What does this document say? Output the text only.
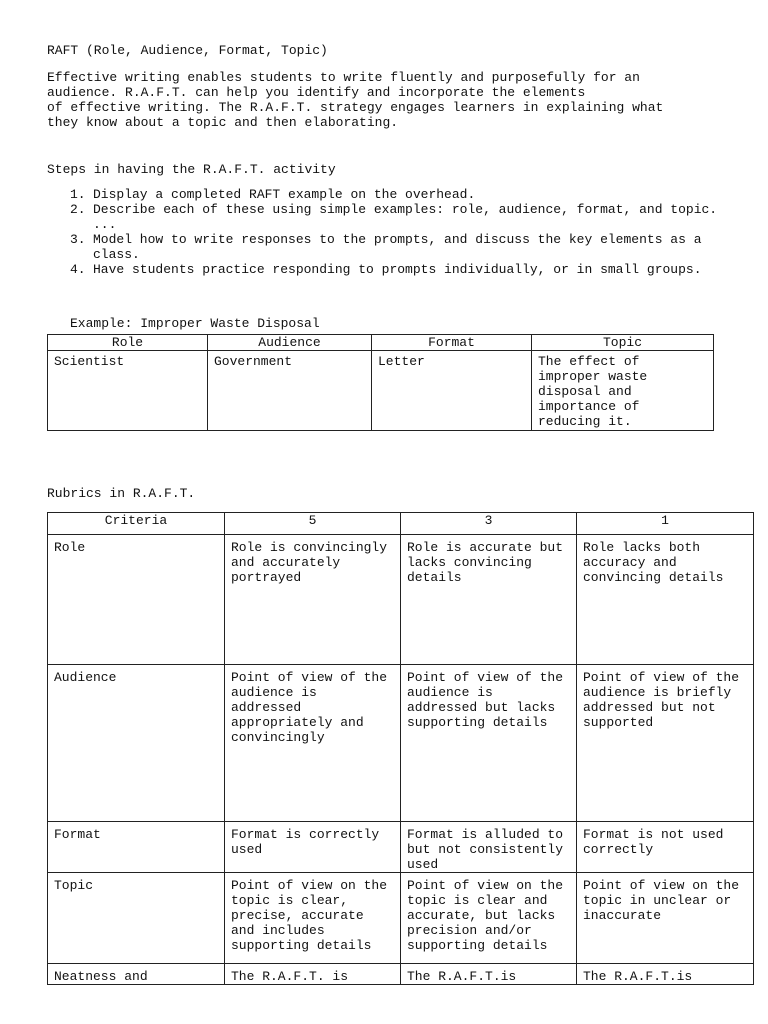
RAFT (Role, Audience, Format, Topic)
Effective writing enables students to write fluently and purposefully for an
audience. R.A.F.T. can help you identify and incorporate the elements
of effective writing. The R.A.F.T. strategy engages learners in explaining what
they know about a topic and then elaborating.
Steps in having the R.A.F.T. activity
1. Display a completed RAFT example on the overhead.
2. Describe each of these using simple examples: role, audience, format, and topic. ...
3. Model how to write responses to the prompts, and discuss the key elements as a class.
4. Have students practice responding to prompts individually, or in small groups.
Example: Improper Waste Disposal
Role	Audience	Format	Topic
Scientist	Government	Letter	The effect of improper waste disposal and importance of reducing it.
Rubrics in R.A.F.T.
Criteria	5	3	1
Role	Role is convincingly and accurately portrayed	Role is accurate but lacks convincing details	Role lacks both accuracy and convincing details
Audience	Point of view of the audience is addressed appropriately and convincingly	Point of view of the audience is addressed but lacks supporting details	Point of view of the audience is briefly addressed but not supported
Format	Format is correctly used	Format is alluded to but not consistently used	Format is not used correctly
Topic	Point of view on the topic is clear, precise, accurate and includes supporting details	Point of view on the topic is clear and accurate, but lacks precision and/or supporting details	Point of view on the topic in unclear or inaccurate
Neatness and	The R.A.F.T. is	The R.A.F.T.is	The R.A.F.T.is
